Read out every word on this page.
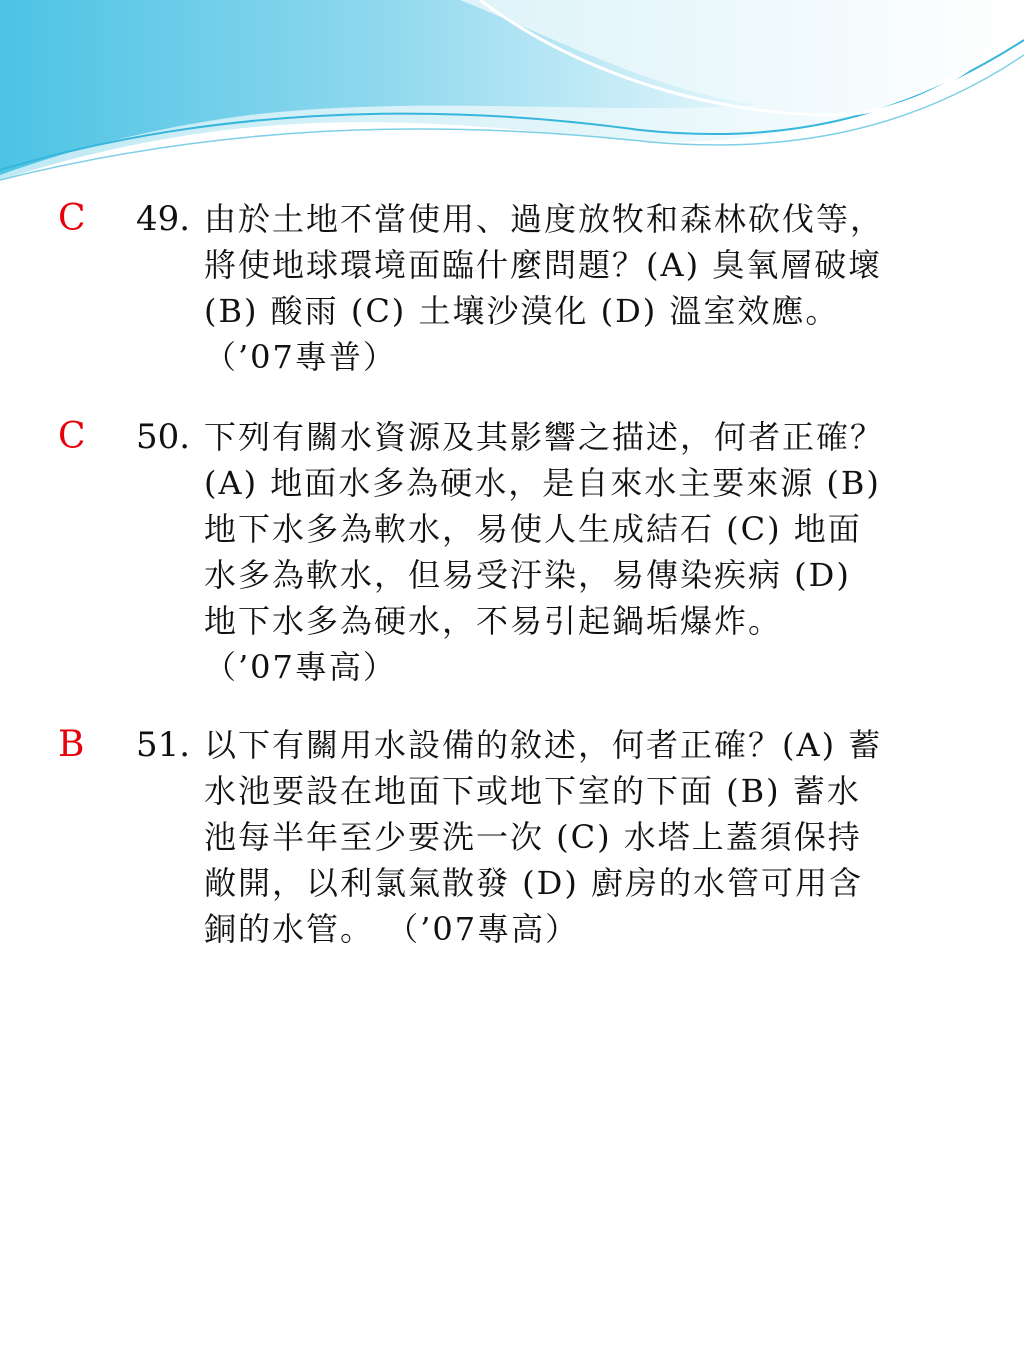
C 49. 由於土地不當使用、過度放牧和森林砍伐等，
將使地球環境面臨什麼問題？(A) 臭氧層破壞
(B) 酸雨 (C) 土壤沙漠化 (D) 溫室效應。
（’07專普）
C 50. 下列有關水資源及其影響之描述，何者正確？
(A) 地面水多為硬水，是自來水主要來源 (B)
地下水多為軟水，易使人生成結石 (C) 地面
水多為軟水，但易受汙染，易傳染疾病 (D)
地下水多為硬水，不易引起鍋垢爆炸。
（’07專高）
B 51. 以下有關用水設備的敘述，何者正確？(A) 蓄
水池要設在地面下或地下室的下面 (B) 蓄水
池每半年至少要洗一次 (C) 水塔上蓋須保持
敞開，以利氯氣散發 (D) 廚房的水管可用含
銅的水管。 （’07專高）
